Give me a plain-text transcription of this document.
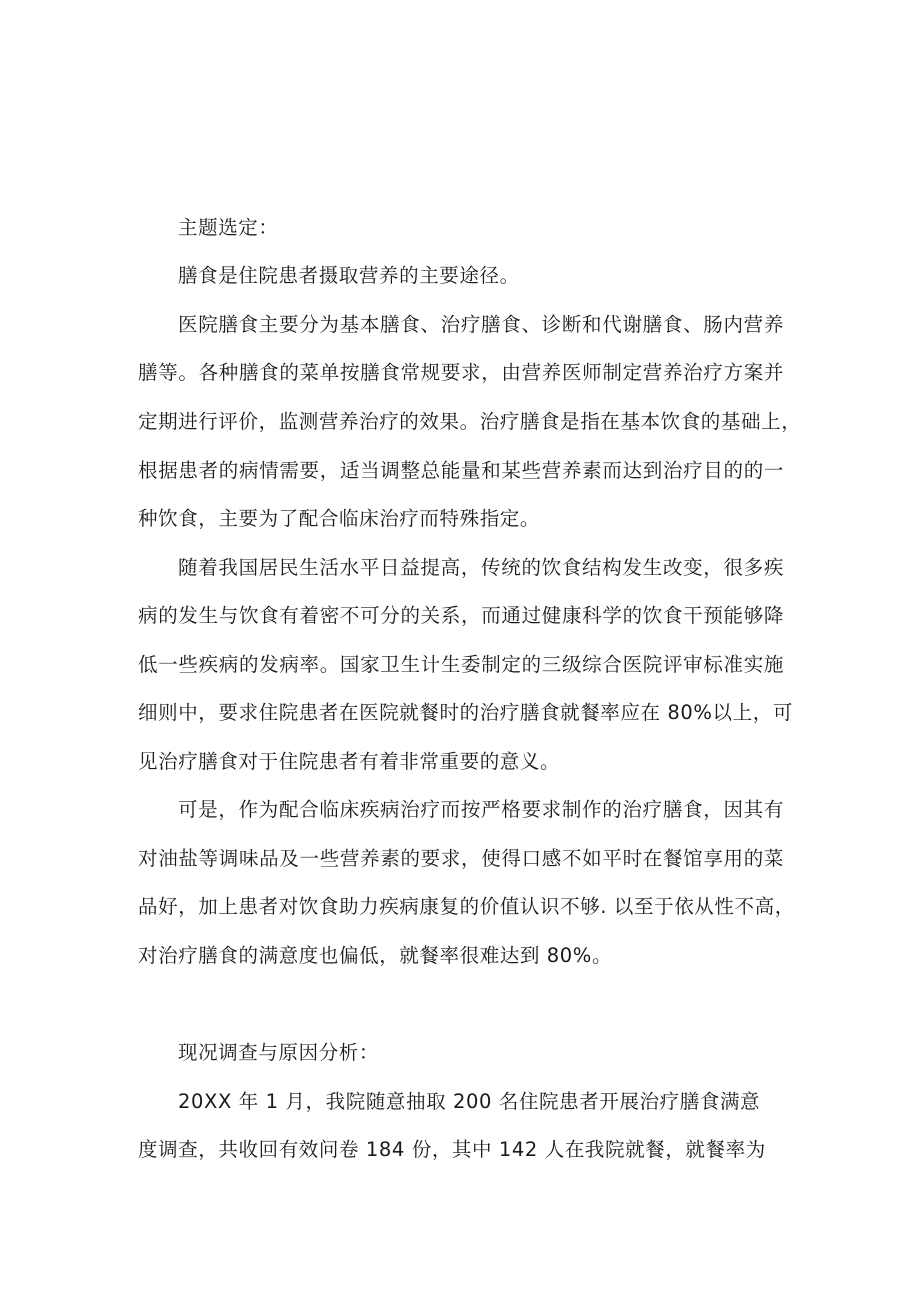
主题选定：

膳食是住院患者摄取营养的主要途径。

医院膳食主要分为基本膳食、治疗膳食、诊断和代谢膳食、肠内营养

膳等。各种膳食的菜单按膳食常规要求，由营养医师制定营养治疗方案并

定期进行评价，监测营养治疗的效果。治疗膳食是指在基本饮食的基础上，

根据患者的病情需要，适当调整总能量和某些营养素而达到治疗目的的一

种饮食，主要为了配合临床治疗而特殊指定。

随着我国居民生活水平日益提高，传统的饮食结构发生改变，很多疾

病的发生与饮食有着密不可分的关系，而通过健康科学的饮食干预能够降

低一些疾病的发病率。国家卫生计生委制定的三级综合医院评审标准实施

细则中，要求住院患者在医院就餐时的治疗膳食就餐率应在 80%以上，可

见治疗膳食对于住院患者有着非常重要的意义。

可是，作为配合临床疾病治疗而按严格要求制作的治疗膳食，因其有

对油盐等调味品及一些营养素的要求，使得口感不如平时在餐馆享用的菜

品好，加上患者对饮食助力疾病康复的价值认识不够. 以至于依从性不高，

对治疗膳食的满意度也偏低，就餐率很难达到 80%。

现况调查与原因分析：

20XX 年 1 月，我院随意抽取 200 名住院患者开展治疗膳食满意

度调查，共收回有效问卷 184 份，其中 142 人在我院就餐，就餐率为
